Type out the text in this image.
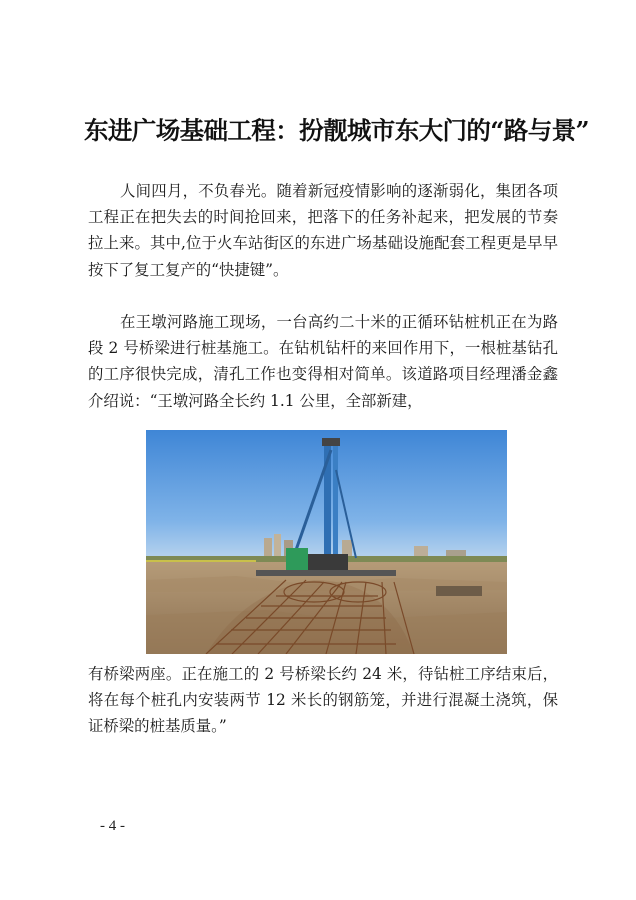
东进广场基础工程：扮靓城市东大门的“路与景”

人间四月，不负春光。随着新冠疫情影响的逐渐弱化，集团各项工程正在把失去的时间抢回来，把落下的任务补起来，把发展的节奏拉上来。其中,位于火车站街区的东进广场基础设施配套工程更是早早按下了复工复产的“快捷键”。

在王墩河路施工现场，一台高约二十米的正循环钻桩机正在为路段 2 号桥梁进行桩基施工。在钻机钻杆的来回作用下，一根桩基钻孔的工序很快完成，清孔工作也变得相对简单。该道路项目经理潘金鑫介绍说：“王墩河路全长约 1.1 公里，全部新建，

有桥梁两座。正在施工的 2 号桥梁长约 24 米，待钻桩工序结束后，将在每个桩孔内安装两节 12 米长的钢筋笼，并进行混凝土浇筑，保证桥梁的桩基质量。”

- 4 -
